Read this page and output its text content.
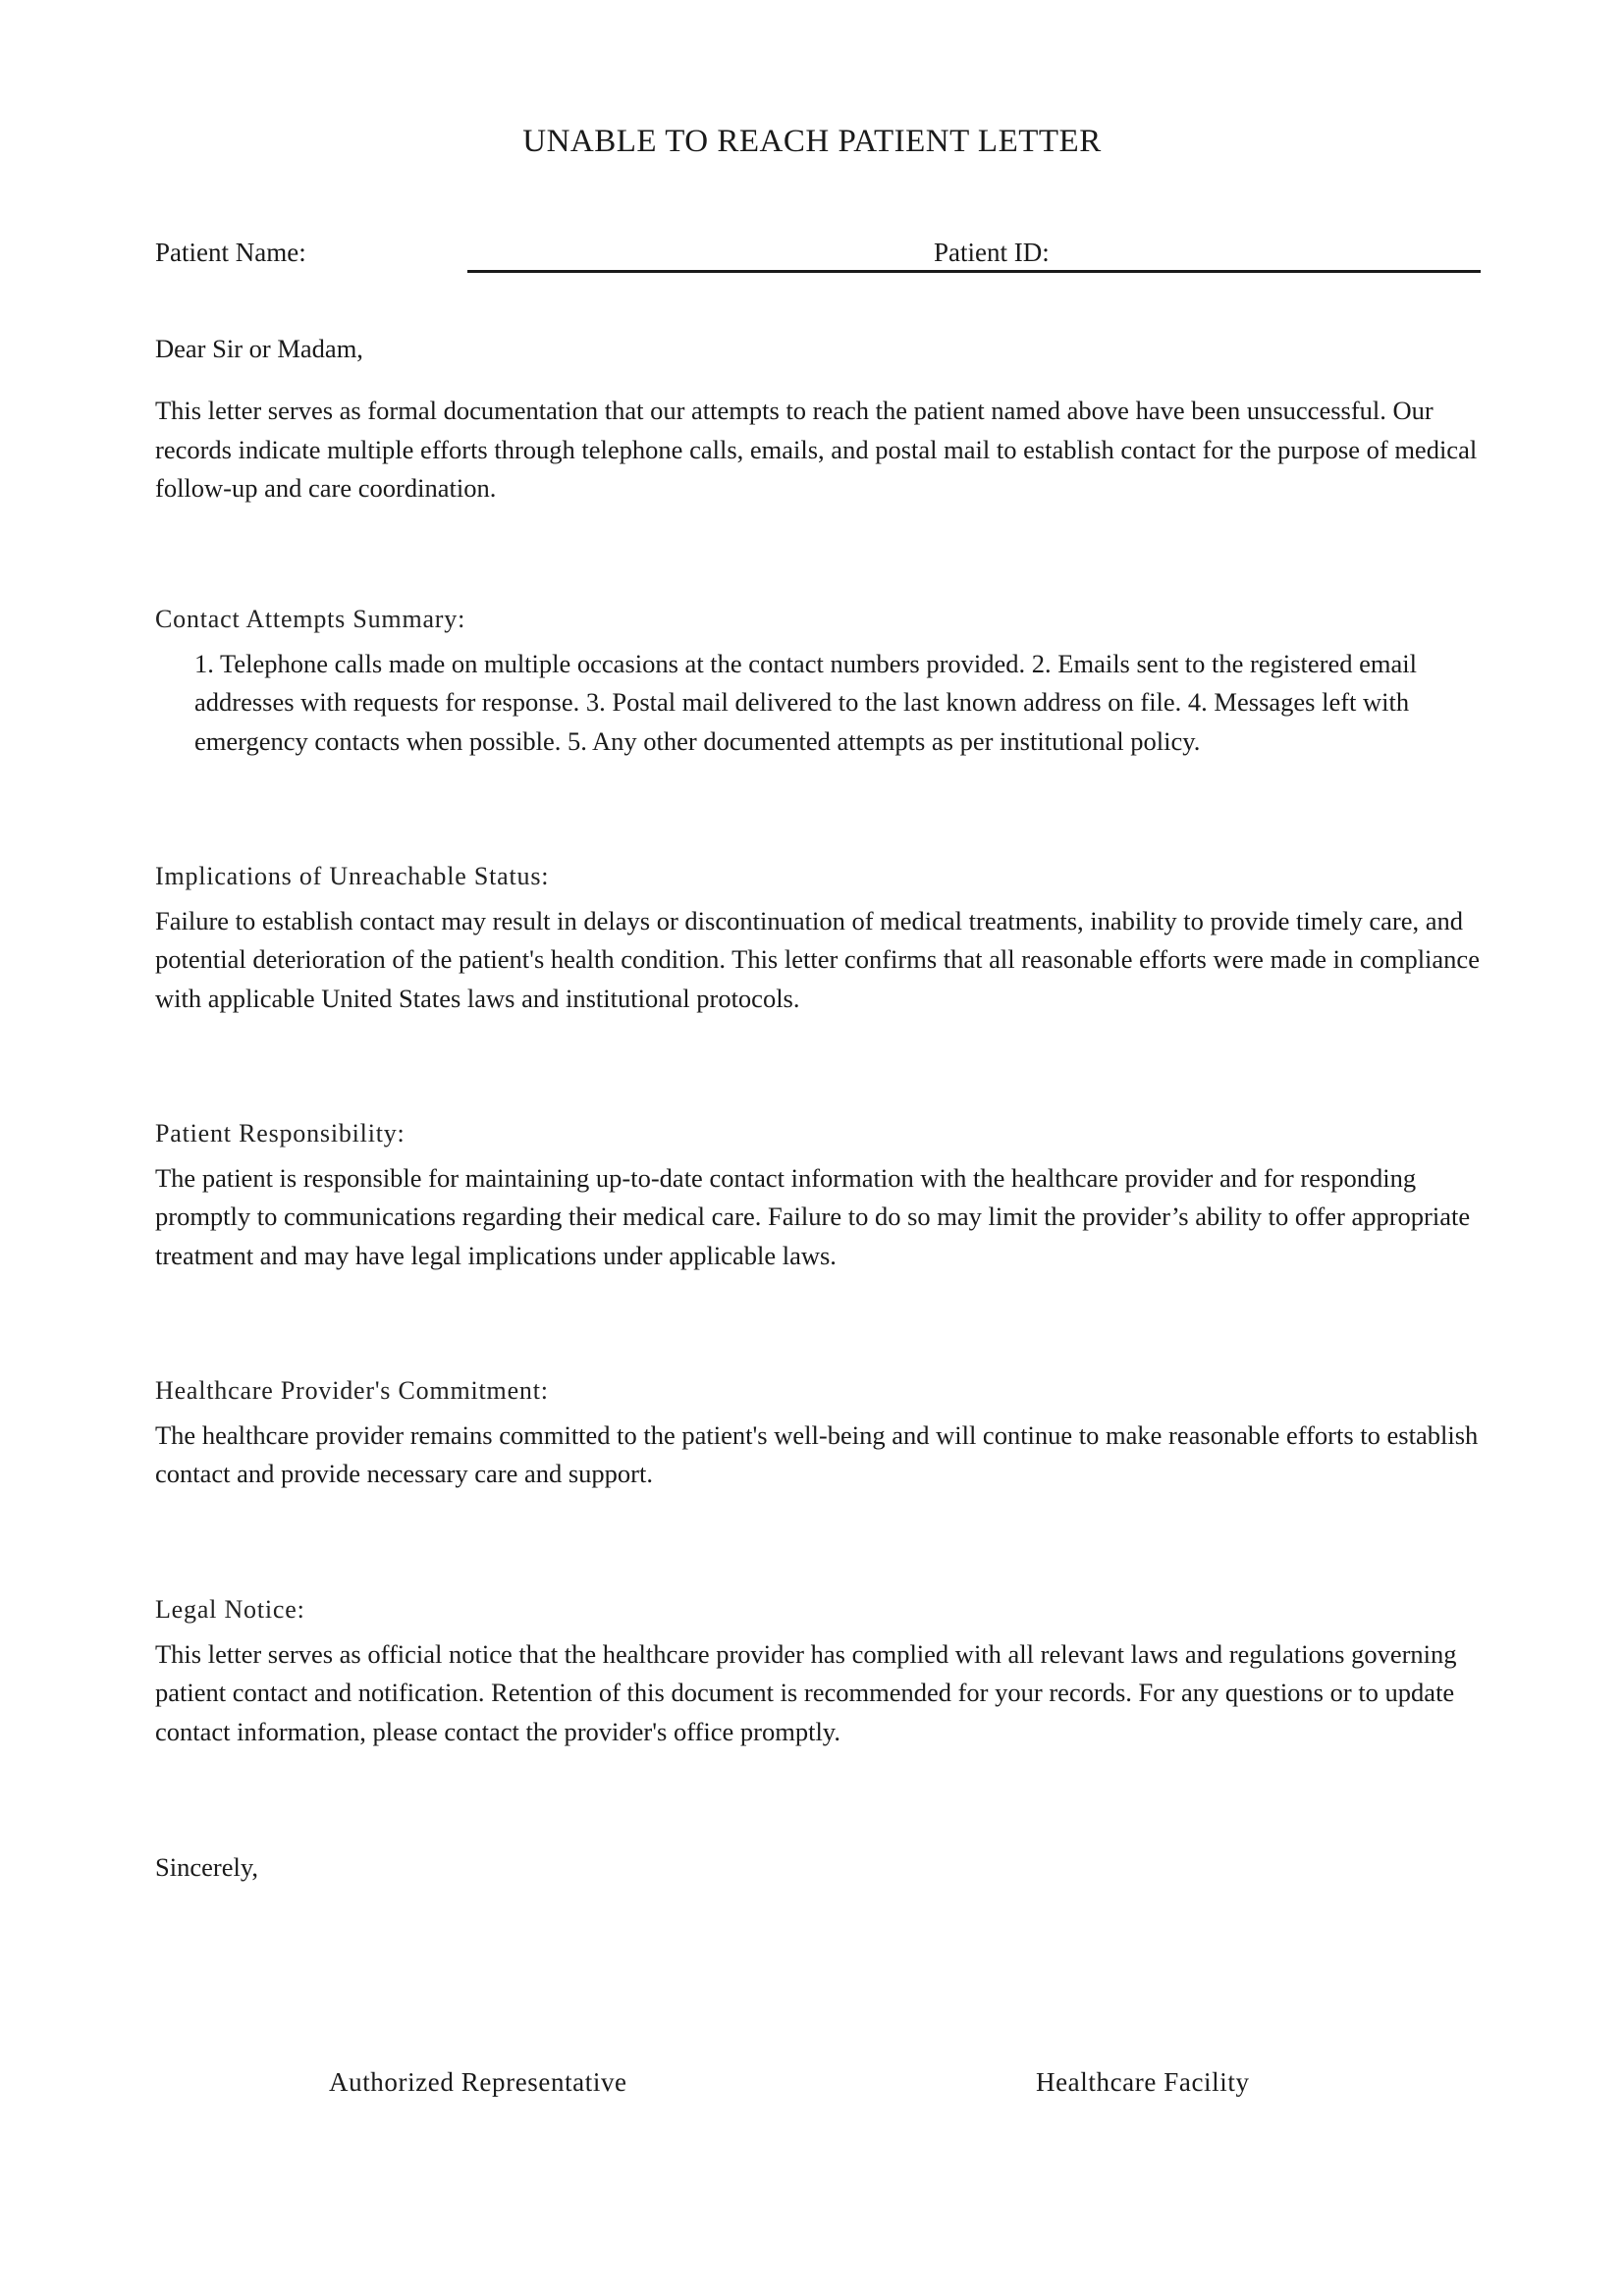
UNABLE TO REACH PATIENT LETTER
Patient Name:	Patient ID:
Dear Sir or Madam,
This letter serves as formal documentation that our attempts to reach the patient named above have been unsuccessful. Our records indicate multiple efforts through telephone calls, emails, and postal mail to establish contact for the purpose of medical follow-up and care coordination.
Contact Attempts Summary:
1. Telephone calls made on multiple occasions at the contact numbers provided. 2. Emails sent to the registered email addresses with requests for response. 3. Postal mail delivered to the last known address on file. 4. Messages left with emergency contacts when possible. 5. Any other documented attempts as per institutional policy.
Implications of Unreachable Status:
Failure to establish contact may result in delays or discontinuation of medical treatments, inability to provide timely care, and potential deterioration of the patient's health condition. This letter confirms that all reasonable efforts were made in compliance with applicable United States laws and institutional protocols.
Patient Responsibility:
The patient is responsible for maintaining up-to-date contact information with the healthcare provider and for responding promptly to communications regarding their medical care. Failure to do so may limit the provider’s ability to offer appropriate treatment and may have legal implications under applicable laws.
Healthcare Provider's Commitment:
The healthcare provider remains committed to the patient's well-being and will continue to make reasonable efforts to establish contact and provide necessary care and support.
Legal Notice:
This letter serves as official notice that the healthcare provider has complied with all relevant laws and regulations governing patient contact and notification. Retention of this document is recommended for your records. For any questions or to update contact information, please contact the provider's office promptly.
Sincerely,
Authorized Representative	Healthcare Facility
